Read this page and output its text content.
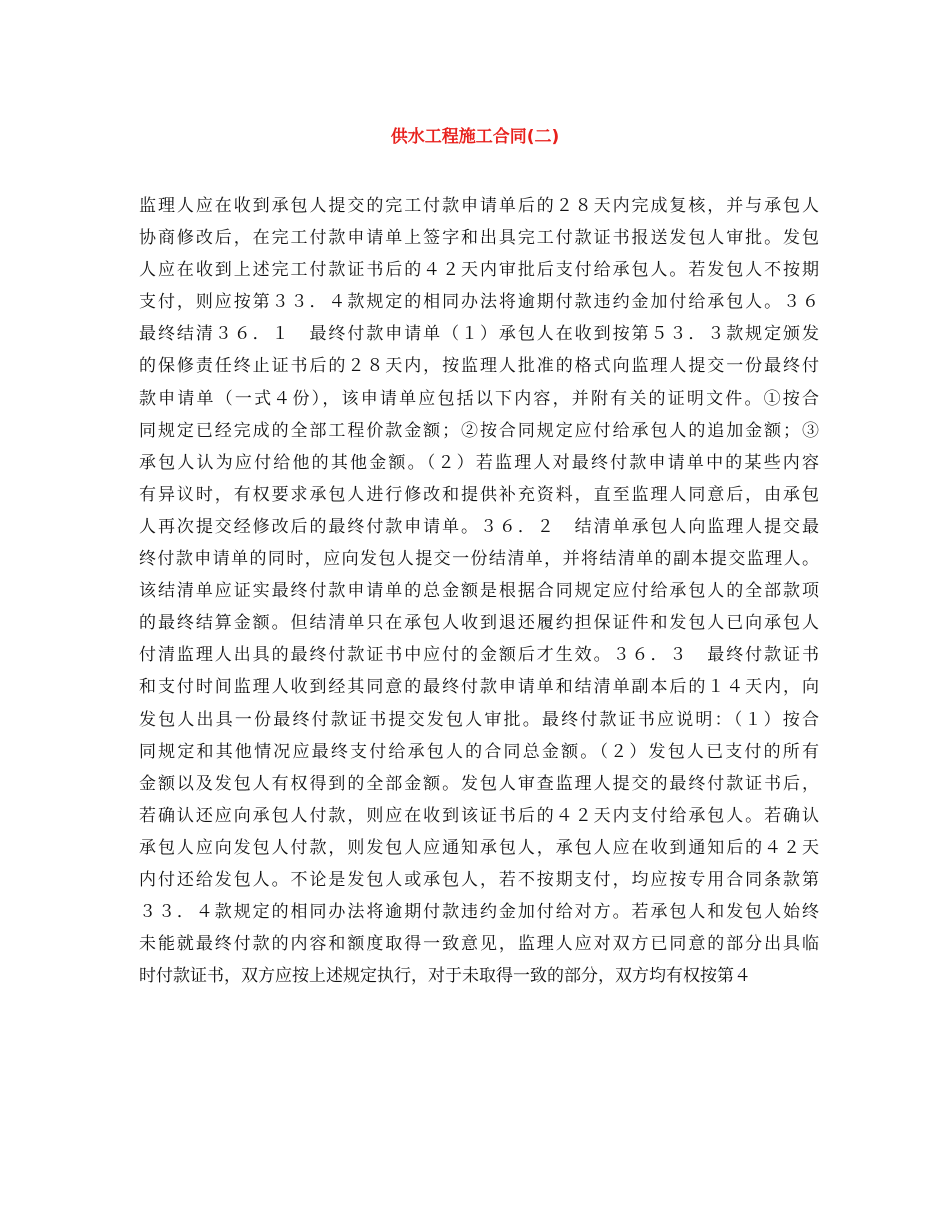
供水工程施工合同(二)
监理人应在收到承包人提交的完工付款申请单后的２８天内完成复核，并与承包人
协商修改后，在完工付款申请单上签字和出具完工付款证书报送发包人审批。发包
人应在收到上述完工付款证书后的４２天内审批后支付给承包人。若发包人不按期
支付，则应按第３３．４款规定的相同办法将逾期付款违约金加付给承包人。３６
最终结清３６．１　最终付款申请单（１）承包人在收到按第５３．３款规定颁发
的保修责任终止证书后的２８天内，按监理人批准的格式向监理人提交一份最终付
款申请单（一式４份），该申请单应包括以下内容，并附有关的证明文件。①按合
同规定已经完成的全部工程价款金额；②按合同规定应付给承包人的追加金额；③
承包人认为应付给他的其他金额。（２）若监理人对最终付款申请单中的某些内容
有异议时，有权要求承包人进行修改和提供补充资料，直至监理人同意后，由承包
人再次提交经修改后的最终付款申请单。３６．２　结清单承包人向监理人提交最
终付款申请单的同时，应向发包人提交一份结清单，并将结清单的副本提交监理人。
该结清单应证实最终付款申请单的总金额是根据合同规定应付给承包人的全部款项
的最终结算金额。但结清单只在承包人收到退还履约担保证件和发包人已向承包人
付清监理人出具的最终付款证书中应付的金额后才生效。３６．３　最终付款证书
和支付时间监理人收到经其同意的最终付款申请单和结清单副本后的１４天内，向
发包人出具一份最终付款证书提交发包人审批。最终付款证书应说明：（１）按合
同规定和其他情况应最终支付给承包人的合同总金额。（２）发包人已支付的所有
金额以及发包人有权得到的全部金额。发包人审查监理人提交的最终付款证书后，
若确认还应向承包人付款，则应在收到该证书后的４２天内支付给承包人。若确认
承包人应向发包人付款，则发包人应通知承包人，承包人应在收到通知后的４２天
内付还给发包人。不论是发包人或承包人，若不按期支付，均应按专用合同条款第
３３．４款规定的相同办法将逾期付款违约金加付给对方。若承包人和发包人始终
未能就最终付款的内容和额度取得一致意见，监理人应对双方已同意的部分出具临
时付款证书，双方应按上述规定执行，对于未取得一致的部分，双方均有权按第４
